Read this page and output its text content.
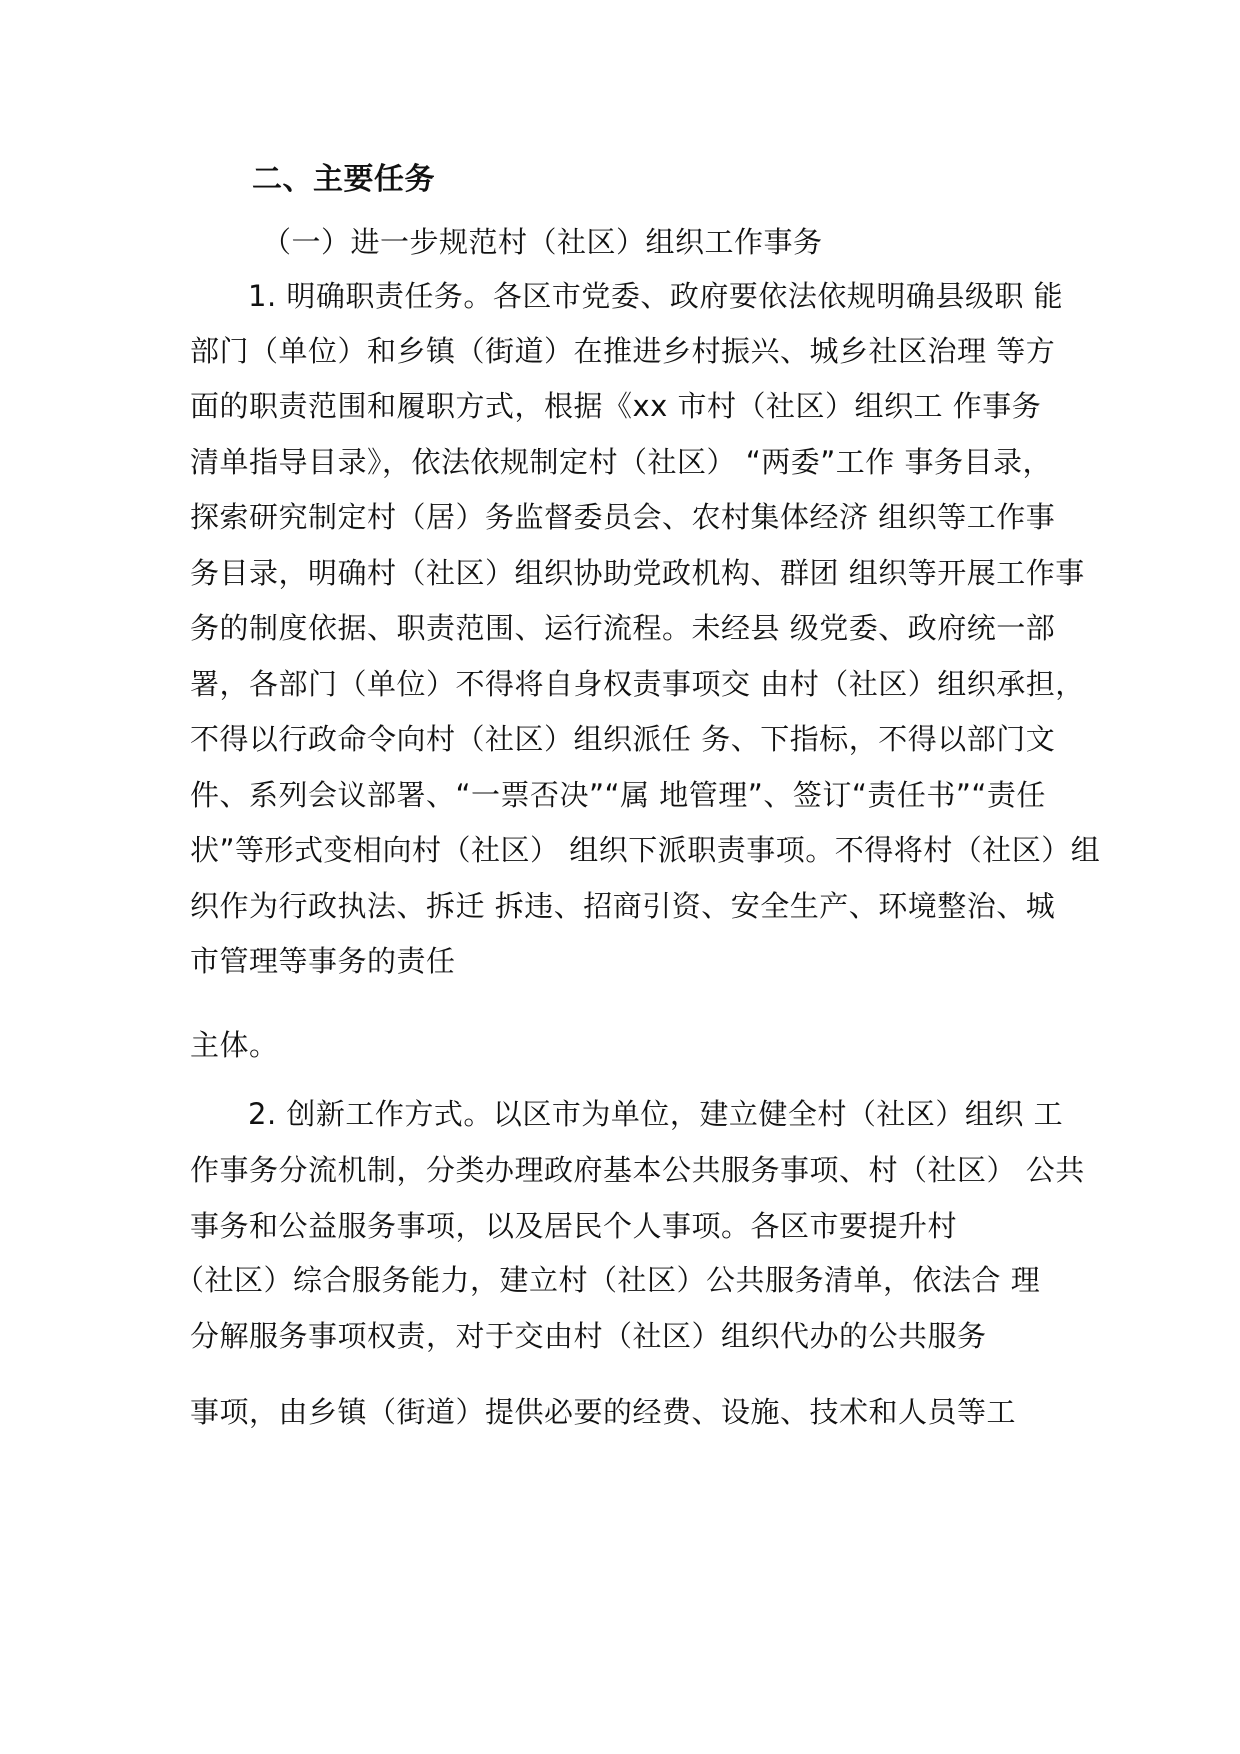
二、主要任务
（一）进一步规范村（社区）组织工作事务
1. 明确职责任务。各区市党委、政府要依法依规明确县级职 能
部门（单位）和乡镇（街道）在推进乡村振兴、城乡社区治理 等方
面的职责范围和履职方式，根据《xx 市村（社区）组织工 作事务
清单指导目录》，依法依规制定村（社区） “两委”工作 事务目录，
探索研究制定村（居）务监督委员会、农村集体经济 组织等工作事
务目录，明确村（社区）组织协助党政机构、群团 组织等开展工作事
务的制度依据、职责范围、运行流程。未经县 级党委、政府统一部
署，各部门（单位）不得将自身权责事项交 由村（社区）组织承担，
不得以行政命令向村（社区）组织派任 务、下指标，不得以部门文
件、系列会议部署、“一票否决”“属 地管理”、签订“责任书”“责任
状”等形式变相向村（社区） 组织下派职责事项。不得将村（社区）组
织作为行政执法、拆迁 拆违、招商引资、安全生产、环境整治、城
市管理等事务的责任
主体。
2. 创新工作方式。以区市为单位，建立健全村（社区）组织 工
作事务分流机制，分类办理政府基本公共服务事项、村（社区） 公共
事务和公益服务事项，以及居民个人事项。各区市要提升村
（社区）综合服务能力，建立村（社区）公共服务清单，依法合 理
分解服务事项权责，对于交由村（社区）组织代办的公共服务
事项，由乡镇（街道）提供必要的经费、设施、技术和人员等工
